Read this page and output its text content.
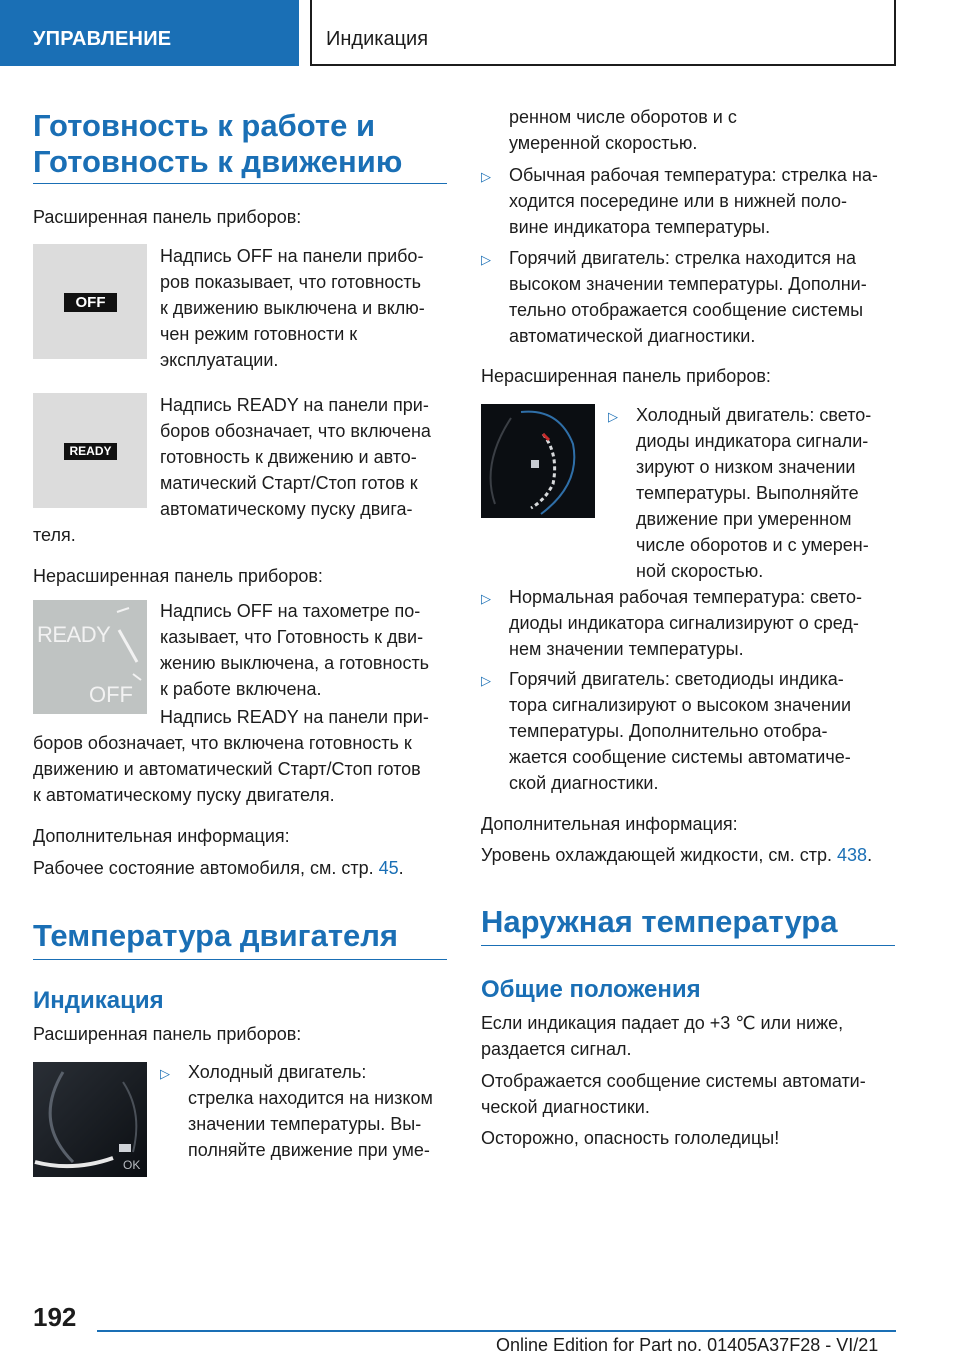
УПРАВЛЕНИЕ	Индикация
Готовность к работе и
Готовность к движению
Расширенная панель приборов:
OFF
Надпись OFF на панели прибо-
ров показывает, что готовность
к движению выключена и вклю-
чен режим готовности к
эксплуатации.
READY
Надпись READY на панели при-
боров обозначает, что включена
готовность к движению и авто-
матический Старт/Стоп готов к
автоматическому пуску двига-
теля.
Нерасширенная панель приборов:
READY
OFF
Надпись OFF на тахометре по-
казывает, что Готовность к дви-
жению выключена, а готовность
к работе включена.
Надпись READY на панели при-
боров обозначает, что включена готовность к
движению и автоматический Старт/Стоп готов
к автоматическому пуску двигателя.
Дополнительная информация:
Рабочее состояние автомобиля, см. стр. 45.
Температура двигателя
Индикация
Расширенная панель приборов:
OK
▷ Холодный двигатель:
стрелка находится на низком
значении температуры. Вы-
полняйте движение при уме-
ренном числе оборотов и с
умеренной скоростью.
▷ Обычная рабочая температура: стрелка на-
ходится посередине или в нижней поло-
вине индикатора температуры.
▷ Горячий двигатель: стрелка находится на
высоком значении температуры. Дополни-
тельно отображается сообщение системы
автоматической диагностики.
Нерасширенная панель приборов:
▷ Холодный двигатель: свето-
диоды индикатора сигнали-
зируют о низком значении
температуры. Выполняйте
движение при умеренном
числе оборотов и с умерен-
ной скоростью.
▷ Нормальная рабочая температура: свето-
диоды индикатора сигнализируют о сред-
нем значении температуры.
▷ Горячий двигатель: светодиоды индика-
тора сигнализируют о высоком значении
температуры. Дополнительно отобра-
жается сообщение системы автоматиче-
ской диагностики.
Дополнительная информация:
Уровень охлаждающей жидкости, см. стр. 438.
Наружная температура
Общие положения
Если индикация падает до +3 ℃ или ниже,
раздается сигнал.
Отображается сообщение системы автомати-
ческой диагностики.
Осторожно, опасность гололедицы!
192
Online Edition for Part no. 01405A37F28 - VI/21
